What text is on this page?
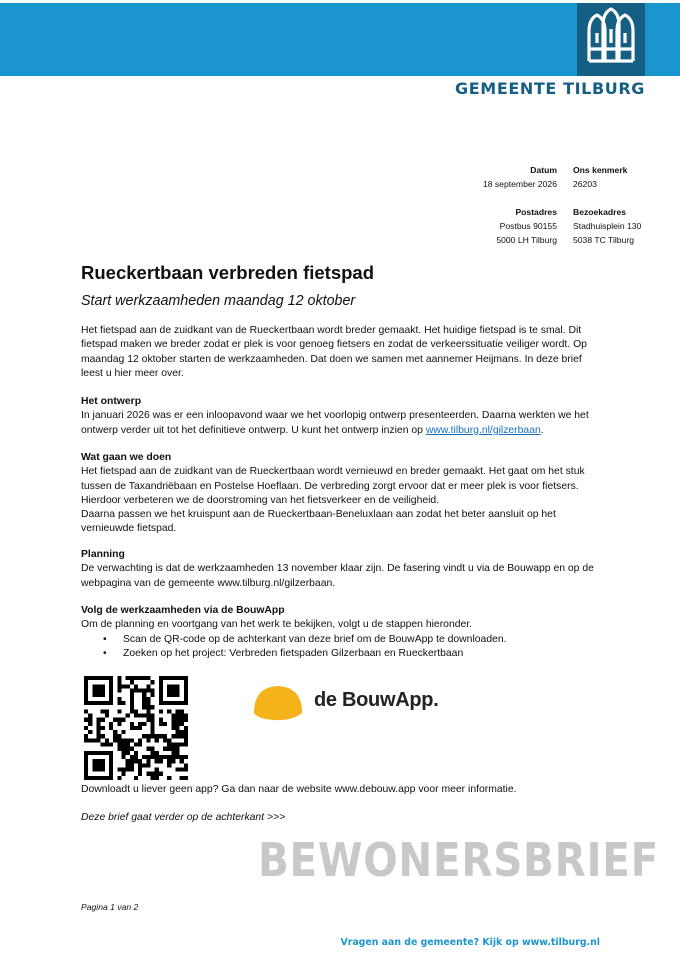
GEMEENTE TILBURG
Datum
18 september 2026
Ons kenmerk
26203
Postadres
Postbus 90155
5000 LH Tilburg
Bezoekadres
Stadhuisplein 130
5038 TC Tilburg
Rueckertbaan verbreden fietspad
Start werkzaamheden maandag 12 oktober

Het fietspad aan de zuidkant van de Rueckertbaan wordt breder gemaakt. Het huidige fietspad is te smal. Dit fietspad maken we breder zodat er plek is voor genoeg fietsers en zodat de verkeerssituatie veiliger wordt. Op maandag 12 oktober starten de werkzaamheden. Dat doen we samen met aannemer Heijmans. In deze brief leest u hier meer over.

Het ontwerp

In januari 2026 was er een inloopavond waar we het voorlopig ontwerp presenteerden. Daarna werkten we het ontwerp verder uit tot het definitieve ontwerp. U kunt het ontwerp inzien op www.tilburg.nl/gilzerbaan.

Wat gaan we doen

Het fietspad aan de zuidkant van de Rueckertbaan wordt vernieuwd en breder gemaakt. Het gaat om het stuk tussen de Taxandriëbaan en Postelse Hoeflaan. De verbreding zorgt ervoor dat er meer plek is voor fietsers. Hierdoor verbeteren we de doorstroming van het fietsverkeer en de veiligheid.

Daarna passen we het kruispunt aan de Rueckertbaan-Beneluxlaan aan zodat het beter aansluit op het vernieuwde fietspad.

Planning

De verwachting is dat de werkzaamheden 13 november klaar zijn. De fasering vindt u via de Bouwapp en op de webpagina van de gemeente www.tilburg.nl/gilzerbaan.

Volg de werkzaamheden via de BouwApp

Om de planning en voortgang van het werk te bekijken, volgt u de stappen hieronder.

• Scan de QR-code op de achterkant van deze brief om de BouwApp te downloaden.
• Zoeken op het project: Verbreden fietspaden Gilzerbaan en Rueckertbaan
de BouwApp.

Downloadt u liever geen app? Ga dan naar de website www.debouw.app voor meer informatie.

Deze brief gaat verder op de achterkant >>>

BEWONERSBRIEF
Pagina 1 van 2
Vragen aan de gemeente? Kijk op www.tilburg.nl
